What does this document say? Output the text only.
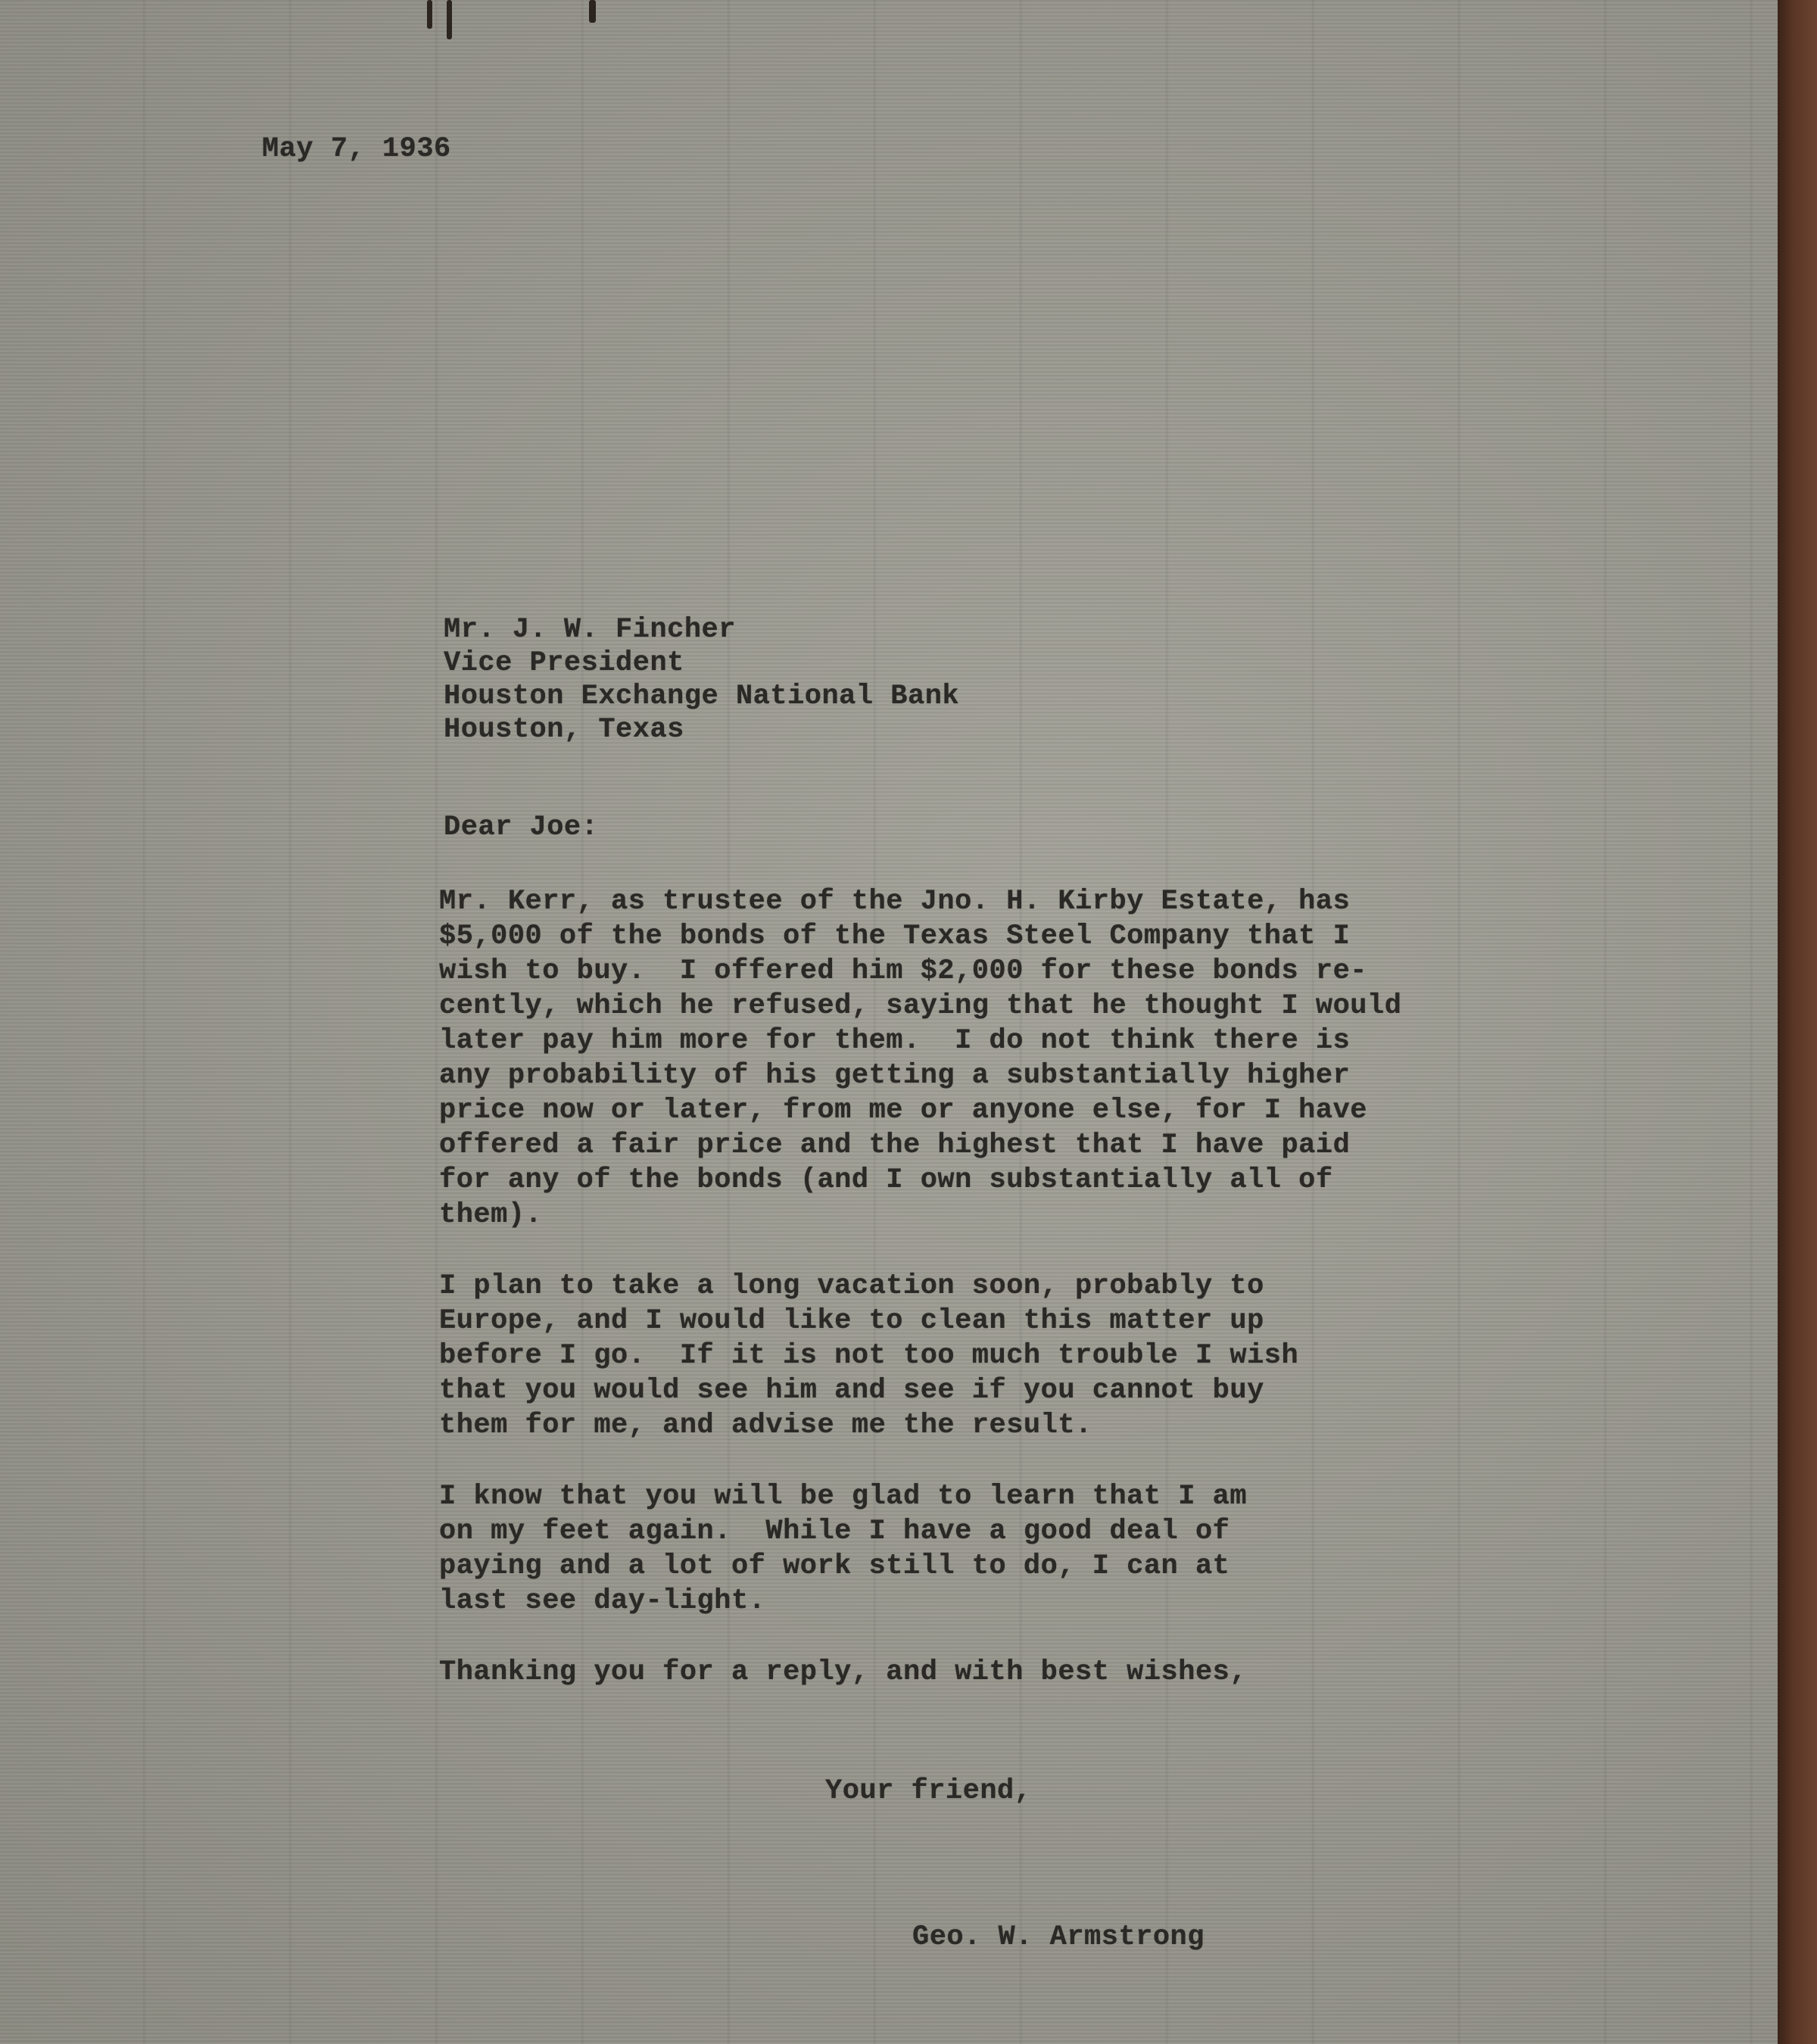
May 7, 1936

Mr. J. W. Fincher

Vice President

Houston Exchange National Bank

Houston, Texas

Dear Joe:

Mr. Kerr, as trustee of the Jno. H. Kirby Estate, has

$5,000 of the bonds of the Texas Steel Company that I

wish to buy.  I offered him $2,000 for these bonds re-

cently, which he refused, saying that he thought I would

later pay him more for them.  I do not think there is

any probability of his getting a substantially higher

price now or later, from me or anyone else, for I have

offered a fair price and the highest that I have paid

for any of the bonds (and I own substantially all of

them).

I plan to take a long vacation soon, probably to

Europe, and I would like to clean this matter up

before I go.  If it is not too much trouble I wish

that you would see him and see if you cannot buy

them for me, and advise me the result.

I know that you will be glad to learn that I am

on my feet again.  While I have a good deal of

paying and a lot of work still to do, I can at

last see day-light.

Thanking you for a reply, and with best wishes,

Your friend,

Geo. W. Armstrong
